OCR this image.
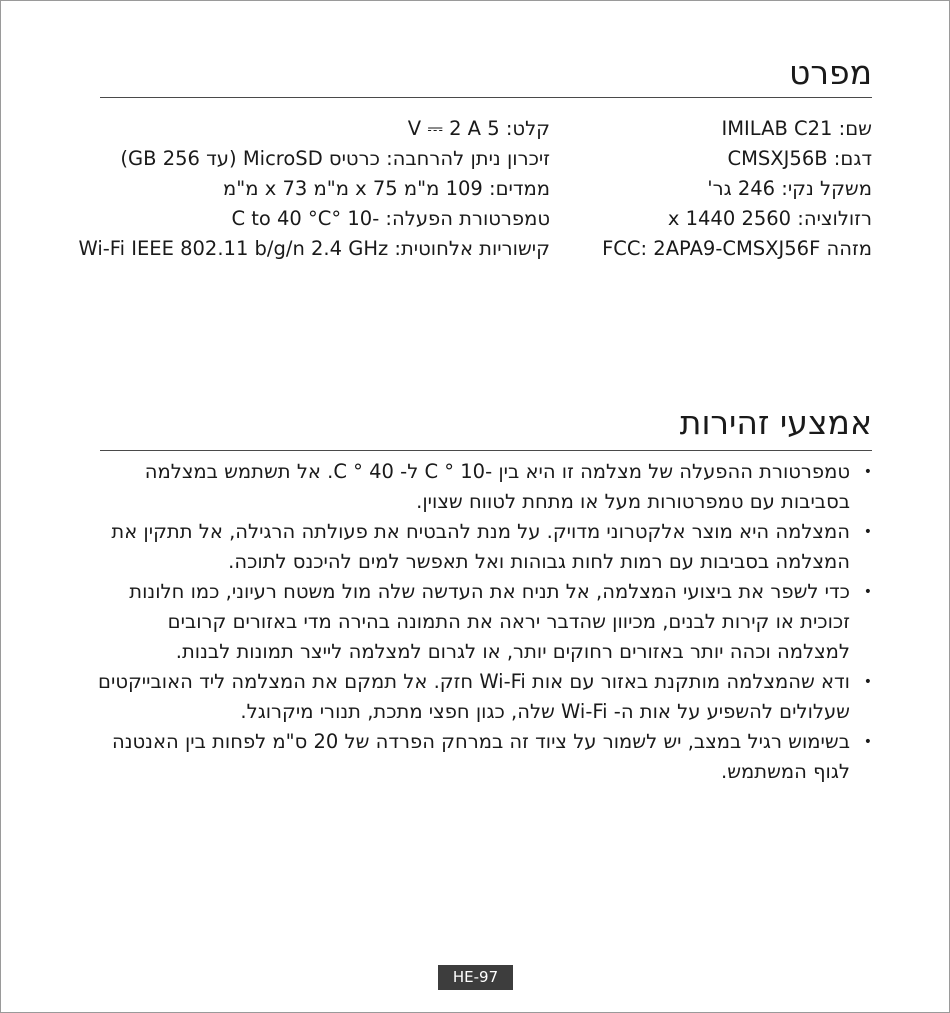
מפרט
שם: IMILAB C21
דגם: CMSXJ56B
משקל נקי: 246 גר'
רזולוציה: 2560 x 1440
מזהה FCC: 2APA9-CMSXJ56F
קלט: 5 V ⎓ 2 A
זיכרון ניתן להרחבה: כרטיס MicroSD (עד 256 GB)
ממדים: 109 מ"מ x 75 מ"מ x 73 מ"מ
טמפרטורת הפעלה: -10 °C to 40 °C
קישוריות אלחוטית: Wi-Fi IEEE 802.11 b/g/n 2.4 GHz
אמצעי זהירות
•
טמפרטורת ההפעלה של מצלמה זו היא בין -10 ° C ל- 40 ° C. אל תשתמש במצלמה בסביבות עם טמפרטורות מעל או מתחת לטווח שצוין.
•
המצלמה היא מוצר אלקטרוני מדויק. על מנת להבטיח את פעולתה הרגילה, אל תתקין את המצלמה בסביבות עם רמות לחות גבוהות ואל תאפשר למים להיכנס לתוכה.
•
כדי לשפר את ביצועי המצלמה, אל תניח את העדשה שלה מול משטח רעיוני, כמו חלונות זכוכית או קירות לבנים, מכיוון שהדבר יראה את התמונה בהירה מדי באזורים קרובים למצלמה וכהה יותר באזורים רחוקים יותר, או לגרום למצלמה לייצר תמונות לבנות.
•
ודא שהמצלמה מותקנת באזור עם אות Wi-Fi חזק. אל תמקם את המצלמה ליד האובייקטים שעלולים להשפיע על אות ה- Wi-Fi שלה, כגון חפצי מתכת, תנורי מיקרוגל.
•
בשימוש רגיל במצב, יש לשמור על ציוד זה במרחק הפרדה של 20 ס"מ לפחות בין האנטנה לגוף המשתמש.
HE-97
